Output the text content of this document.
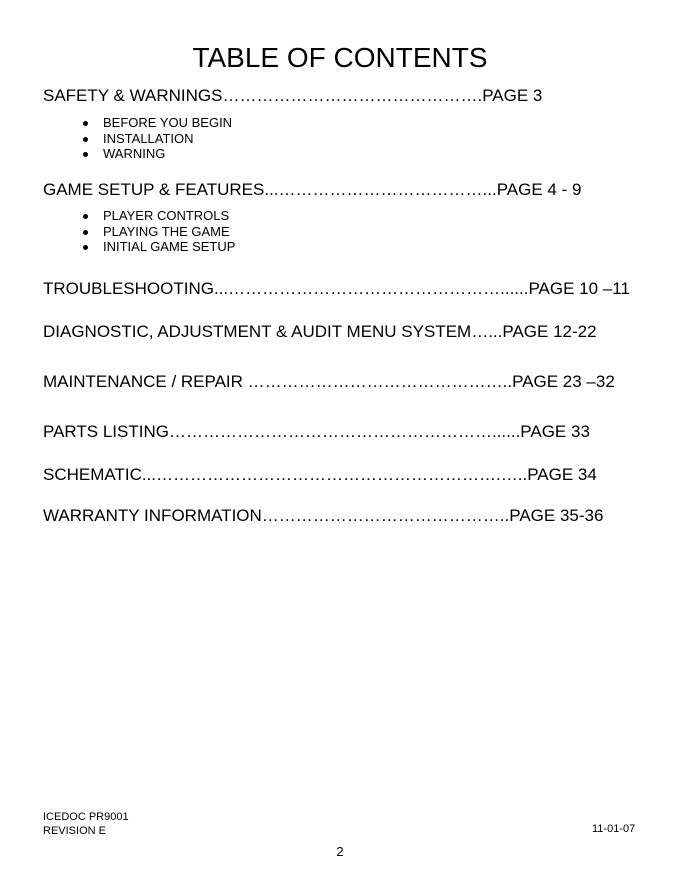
TABLE OF CONTENTS
SAFETY & WARNINGS……………………………………….PAGE 3
BEFORE YOU BEGIN
INSTALLATION
WARNING
GAME SETUP & FEATURES...………………………………...PAGE 4 - 9
PLAYER CONTROLS
PLAYING THE GAME
INITIAL GAME SETUP
TROUBLESHOOTING...…………………………………………......PAGE 10 –11
DIAGNOSTIC, ADJUSTMENT & AUDIT MENU SYSTEM…...PAGE 12-22
MAINTENANCE / REPAIR ………………………………………..PAGE 23 –32
PARTS LISTING…………………………………………………......PAGE 33
SCHEMATIC...…………………………………………………….…..PAGE 34
WARRANTY INFORMATION……………………………………..PAGE 35-36
ICEDOC PR9001
REVISION E	11-01-07
2
